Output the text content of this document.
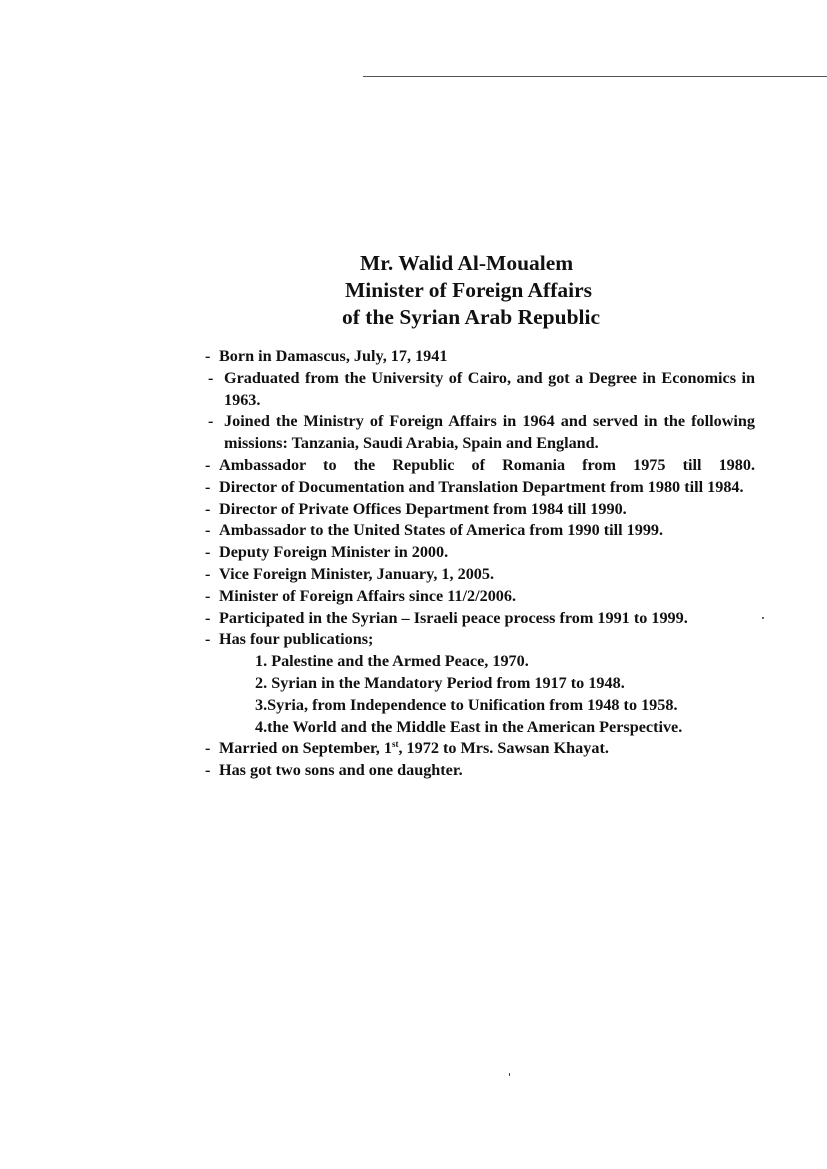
Mr. Walid Al-Moualem
Minister of Foreign Affairs
of the Syrian Arab Republic
- Born in Damascus, July, 17, 1941
- Graduated from the University of Cairo, and got a Degree in Economics in 1963.
- Joined the Ministry of Foreign Affairs in 1964 and served in the following missions: Tanzania, Saudi Arabia, Spain and England.
- Ambassador to the Republic of Romania from 1975 till 1980.
- Director of Documentation and Translation Department from 1980 till 1984.
- Director of Private Offices Department from 1984 till 1990.
- Ambassador to the United States of America from 1990 till 1999.
- Deputy Foreign Minister in 2000.
- Vice Foreign Minister, January, 1, 2005.
- Minister of Foreign Affairs since 11/2/2006.
- Participated in the Syrian – Israeli peace process from 1991 to 1999.
- Has four publications;
1. Palestine and the Armed Peace, 1970.
2. Syrian in the Mandatory Period from 1917 to 1948.
3.Syria, from Independence to Unification from 1948 to 1958.
4.the World and the Middle East in the American Perspective.
- Married on September, 1st, 1972 to Mrs. Sawsan Khayat.
- Has got two sons and one daughter.
